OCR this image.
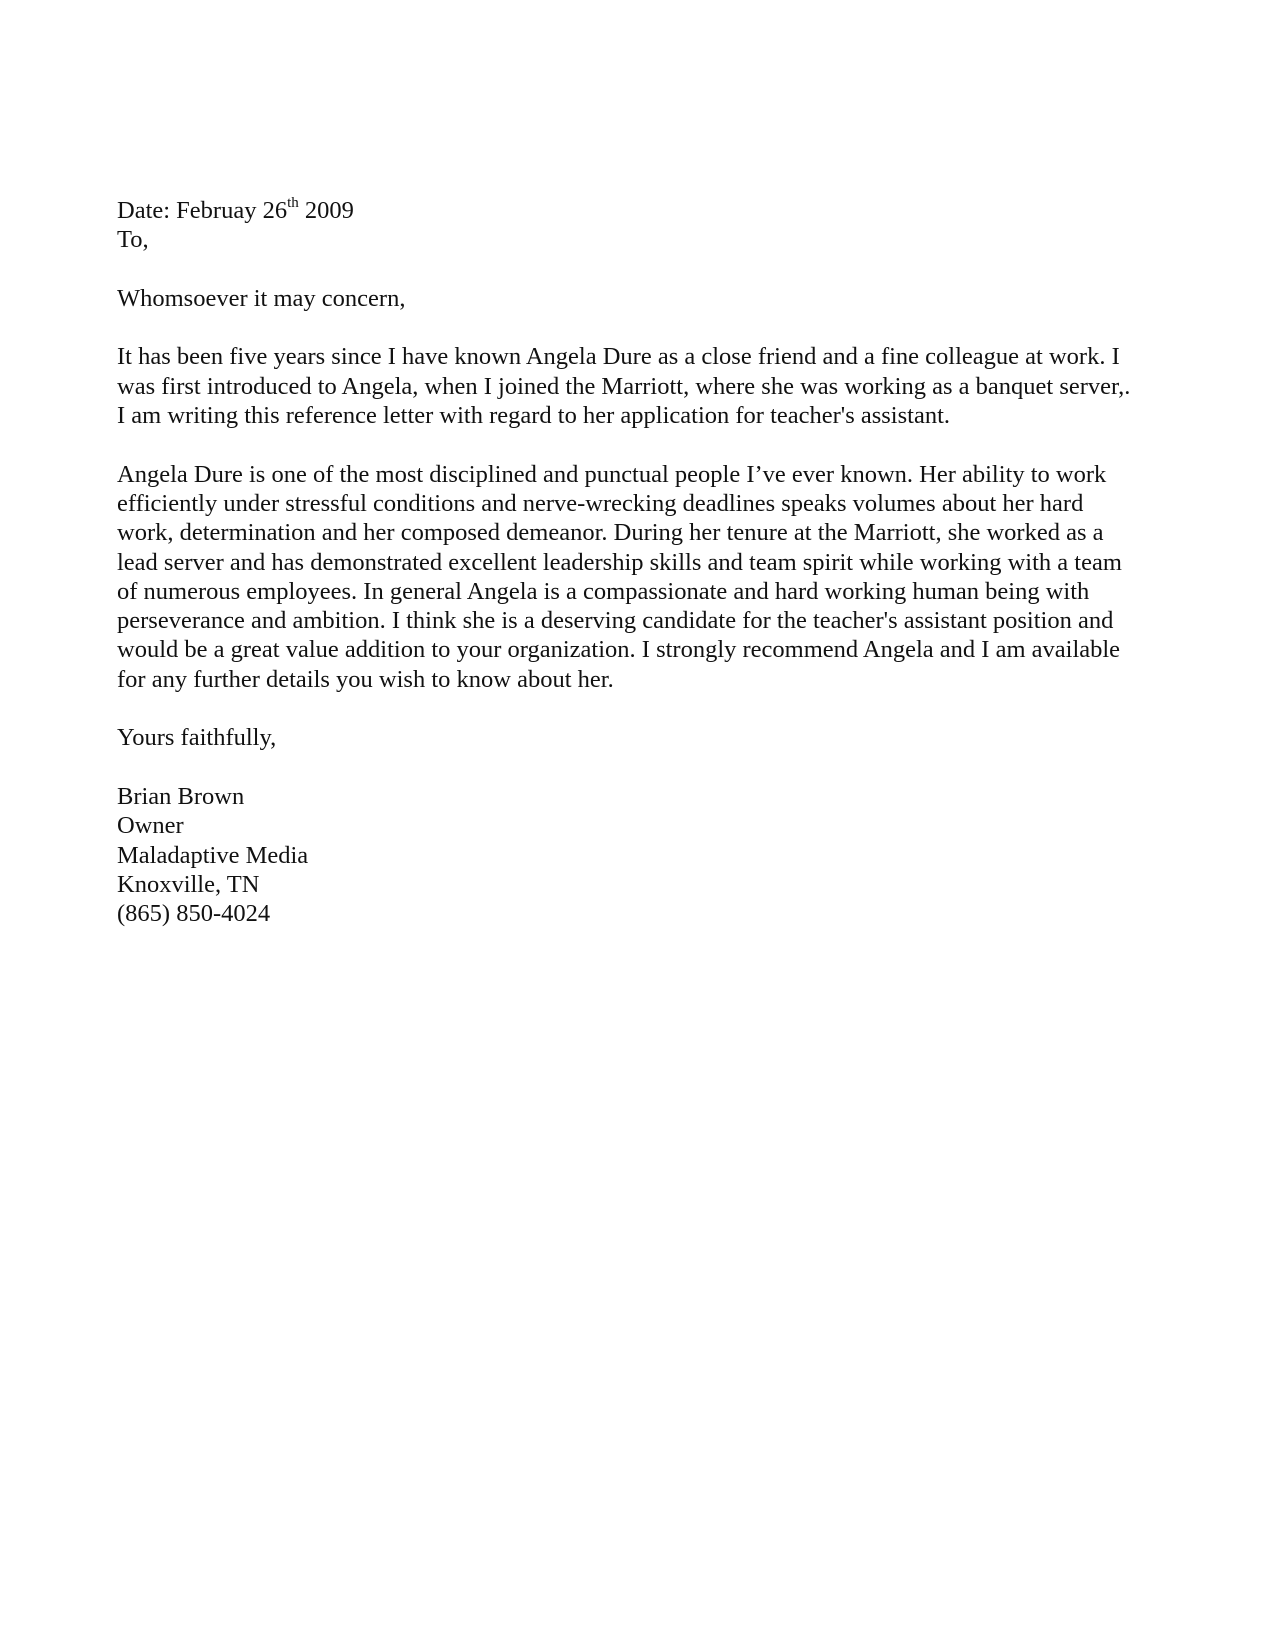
Date: Februay 26th 2009
To,
Whomsoever it may concern,
It has been five years since I have known Angela Dure as a close friend and a fine colleague at work. I
was first introduced to Angela, when I joined the Marriott, where she was working as a banquet server,.
I am writing this reference letter with regard to her application for teacher's assistant.
Angela Dure is one of the most disciplined and punctual people I’ve ever known. Her ability to work
efficiently under stressful conditions and nerve-wrecking deadlines speaks volumes about her hard
work, determination and her composed demeanor. During her tenure at the Marriott, she worked as a
lead server and has demonstrated excellent leadership skills and team spirit while working with a team
of numerous employees. In general Angela is a compassionate and hard working human being with
perseverance and ambition. I think she is a deserving candidate for the teacher's assistant position and
would be a great value addition to your organization. I strongly recommend Angela and I am available
for any further details you wish to know about her.
Yours faithfully,
Brian Brown
Owner
Maladaptive Media
Knoxville, TN
(865) 850-4024
